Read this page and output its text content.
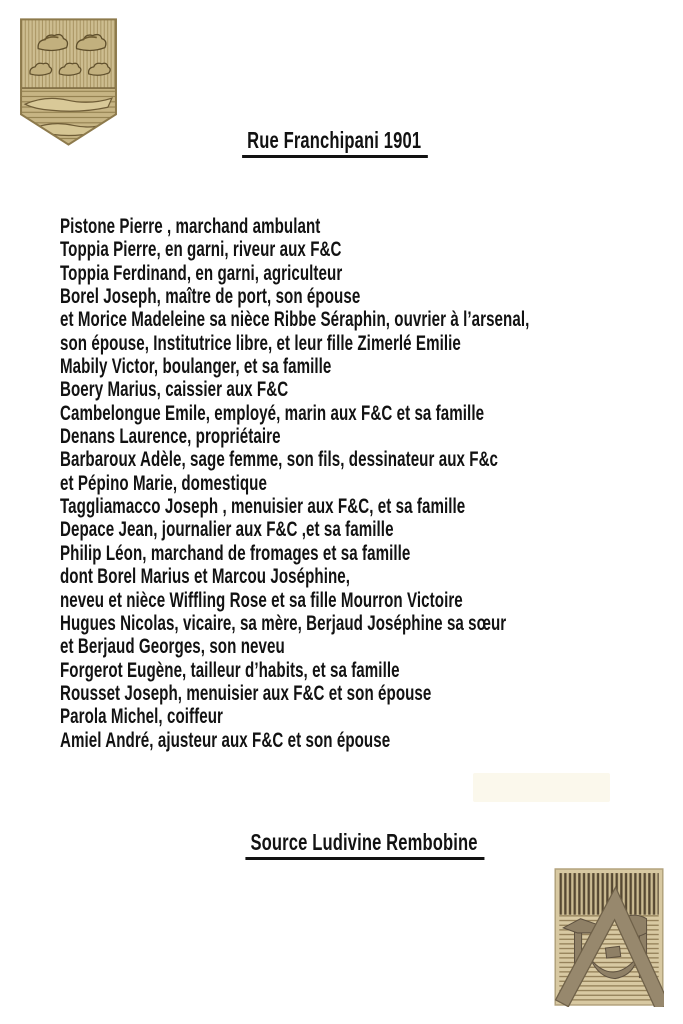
Rue Franchipani 1901
Pistone Pierre , marchand ambulant
Toppia Pierre, en garni, riveur aux F&C
Toppia Ferdinand, en garni, agriculteur
Borel Joseph, maître de port, son épouse
et Morice Madeleine sa nièce Ribbe Séraphin, ouvrier à l’arsenal,
son épouse, Institutrice libre, et leur fille Zimerlé Emilie
Mabily Victor, boulanger, et sa famille
Boery Marius, caissier aux F&C
Cambelongue Emile, employé, marin aux F&C et sa famille
Denans Laurence, propriétaire
Barbaroux Adèle, sage femme, son fils, dessinateur aux F&c
et Pépino Marie, domestique
Taggliamacco Joseph , menuisier aux F&C, et sa famille
Depace Jean, journalier aux F&C ,et sa famille
Philip Léon, marchand de fromages et sa famille
dont Borel Marius et Marcou Joséphine,
neveu et nièce Wiffling Rose et sa fille Mourron Victoire
Hugues Nicolas, vicaire, sa mère, Berjaud Joséphine sa sœur
et Berjaud Georges, son neveu
Forgerot Eugène, tailleur d’habits, et sa famille
Rousset Joseph, menuisier aux F&C et son épouse
Parola Michel, coiffeur
Amiel André, ajusteur aux F&C et son épouse
Source Ludivine Rembobine
